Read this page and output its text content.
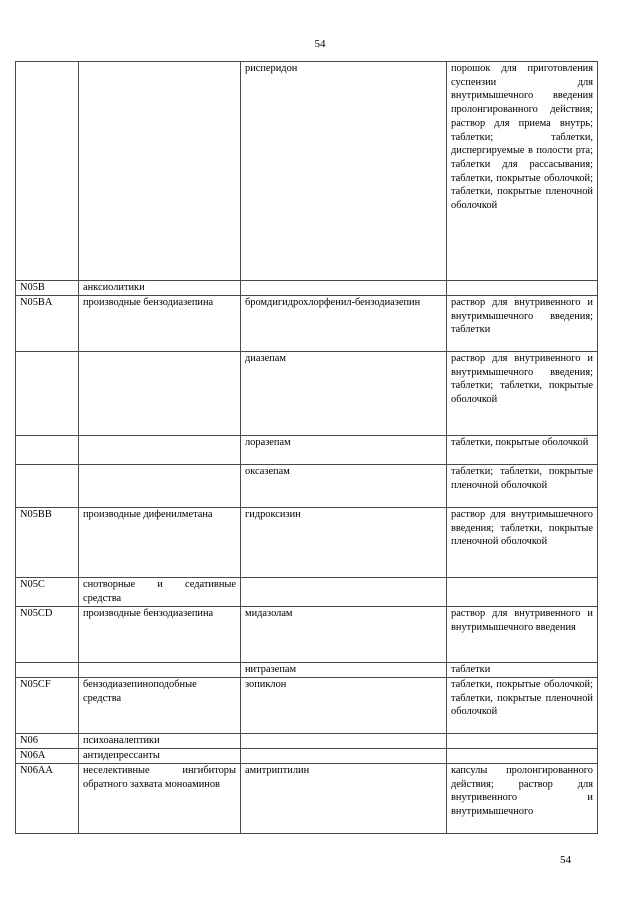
54
		рисперидон	порошок для приготовления суспензии для внутримышечного введения пролонгированного действия; раствор для приема внутрь; таблетки; таблетки, диспергируемые в полости рта; таблетки для рассасывания; таблетки, покрытые оболочкой; таблетки, покрытые пленочной оболочкой
N05B	анксиолитики		
N05BA	производные бензодиазепина	бромдигидрохлорфенил-бензодиазепин	раствор для внутривенного и внутримышечного введения; таблетки
		диазепам	раствор для внутривенного и внутримышечного введения; таблетки; таблетки, покрытые оболочкой
		лоразепам	таблетки, покрытые оболочкой
		оксазепам	таблетки; таблетки, покрытые пленочной оболочкой
N05BB	производные дифенилметана	гидроксизин	раствор для внутримышечного введения; таблетки, покрытые пленочной оболочкой
N05C	снотворные и седативные средства		
N05CD	производные бензодиазепина	мидазолам	раствор для внутривенного и внутримышечного введения
		нитразепам	таблетки
N05CF	бензодиазепиноподобные средства	зопиклон	таблетки, покрытые оболочкой; таблетки, покрытые пленочной оболочкой
N06	психоаналептики		
N06A	антидепрессанты		
N06AA	неселективные ингибиторы обратного захвата моноаминов	амитриптилин	капсулы пролонгированного действия; раствор для внутривенного и внутримышечного
54
